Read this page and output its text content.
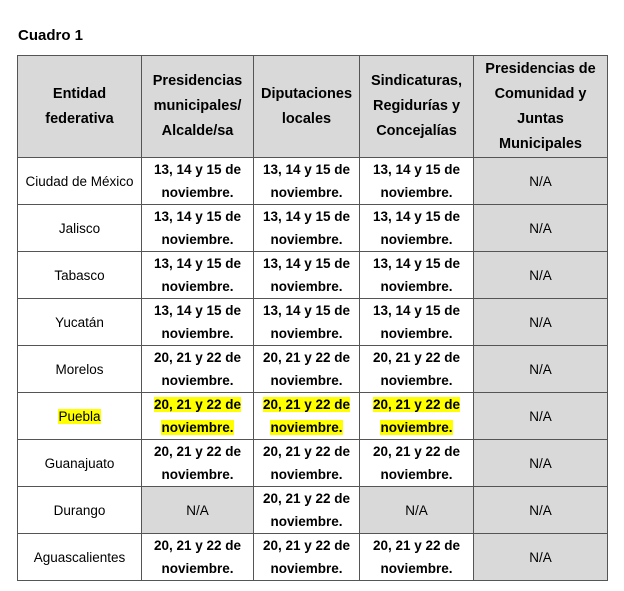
Cuadro 1
Entidad federativa	Presidencias municipales/ Alcalde/sa	Diputaciones locales	Sindicaturas, Regidurías y Concejalías	Presidencias de Comunidad y Juntas Municipales
Ciudad de México	13, 14 y 15 de noviembre.	13, 14 y 15 de noviembre.	13, 14 y 15 de noviembre.	N/A
Jalisco	13, 14 y 15 de noviembre.	13, 14 y 15 de noviembre.	13, 14 y 15 de noviembre.	N/A
Tabasco	13, 14 y 15 de noviembre.	13, 14 y 15 de noviembre.	13, 14 y 15 de noviembre.	N/A
Yucatán	13, 14 y 15 de noviembre.	13, 14 y 15 de noviembre.	13, 14 y 15 de noviembre.	N/A
Morelos	20, 21 y 22 de noviembre.	20, 21 y 22 de noviembre.	20, 21 y 22 de noviembre.	N/A
Puebla	20, 21 y 22 de noviembre.	20, 21 y 22 de noviembre.	20, 21 y 22 de noviembre.	N/A
Guanajuato	20, 21 y 22 de noviembre.	20, 21 y 22 de noviembre.	20, 21 y 22 de noviembre.	N/A
Durango	N/A	20, 21 y 22 de noviembre.	N/A	N/A
Aguascalientes	20, 21 y 22 de noviembre.	20, 21 y 22 de noviembre.	20, 21 y 22 de noviembre.	N/A
